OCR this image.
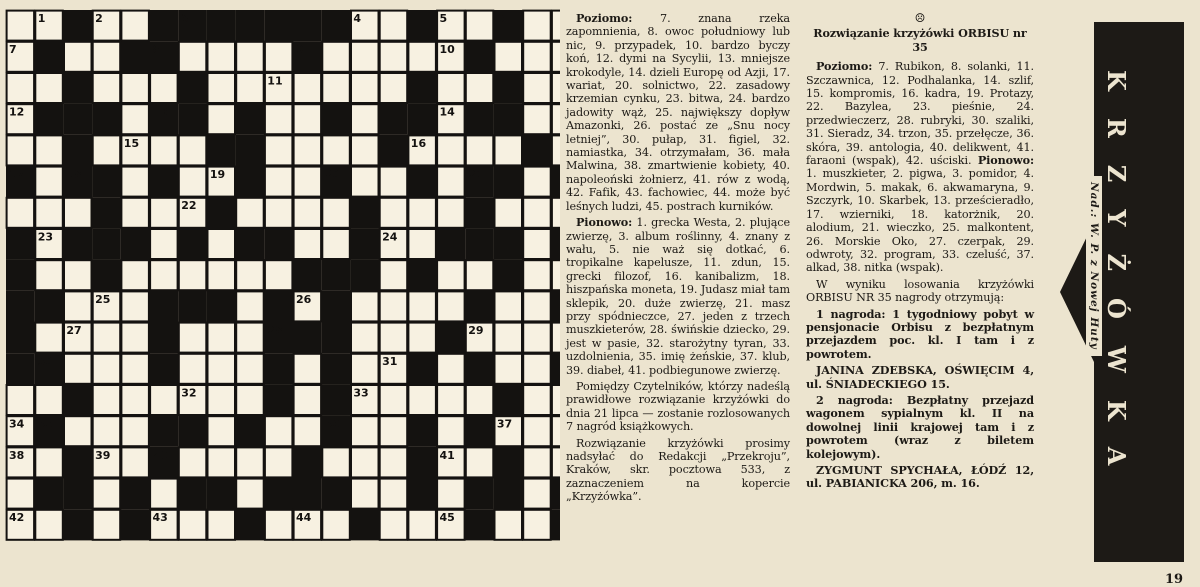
1	2	3	4	5	6
7	8	9	10
11
12	13	14
15	16
17	18	19	20	21
22
23	24
25	26
27	28	29
30	31
32	33
34 35	36	37
38	39	40	41
42	43	44	45

Poziomo: 7. znana rzeka zapomnienia, 8. owoc południowy lub nic, 9. przypadek, 10. bardzo byczy koń, 12. dymi na Sycylii, 13. mniejsze krokodyle, 14. dzieli Europę od Azji, 17. wariat, 20. solnictwo, 22. zasadowy krzemian cynku, 23. bitwa, 24. bardzo jadowity wąż, 25. największy dopływ Amazonki, 26. postać ze „Snu nocy letniej”, 30. pułap, 31. figiel, 32. namiastka, 34. otrzymałam, 36. mała Malwina, 38. zmartwienie kobiety, 40. napoleoński żołnierz, 41. rów z wodą, 42. Fafik, 43. fachowiec, 44. może być leśnych ludzi, 45. postrach kurników.

Pionowo: 1. grecka Westa, 2. plujące zwierzę, 3. album roślinny, 4. znany z wału, 5. nie waż się dotkać, 6. tropikalne kapelusze, 11. zdun, 15. grecki filozof, 16. kanibalizm, 18. hiszpańska moneta, 19. Judasz miał tam sklepik, 20. duże zwierzę, 21. masz przy spódnieczce, 27. jeden z trzech muszkieterów, 28. świńskie dziecko, 29. jest w pasie, 32. starożytny tyran, 33. uzdolnienia, 35. imię żeńskie, 37. klub, 39. diabeł, 41. podbiegunowe zwierzę.

Pomiędzy Czytelników, którzy nadeślą prawidłowe rozwiązanie krzyżówki do dnia 21 lipca — zostanie rozlosowanych 7 nagród książkowych.

Rozwiązanie krzyżówki prosimy nadsyłać do Redakcji „Przekroju”, Kraków, skr. pocztowa 533, z zaznaczeniem na kopercie „Krzyżówka”.

☹

Rozwiązanie krzyżówki ORBISU nr 35

Poziomo: 7. Rubikon, 8. solanki, 11. Szczawnica, 12. Podhalanka, 14. szlif, 15. kompromis, 16. kadra, 19. Protazy, 22. Bazylea, 23. pieśnie, 24. przedwieczerz, 28. rubryki, 30. szaliki, 31. Sieradz, 34. trzon, 35. przełęcze, 36. skóra, 39. antologia, 40. delikwent, 41. faraoni (wspak), 42. uściski. Pionowo: 1. muszkieter, 2. pigwa, 3. pomidor, 4. Mordwin, 5. makak, 6. akwamaryna, 9. Szczyrk, 10. Skarbek, 13. prześcieradło, 17. wzierniki, 18. katorżnik, 20. alodium, 21. wieczko, 25. malkontent, 26. Morskie Oko, 27. czerpak, 29. odwroty, 32. program, 33. czeluść, 37. alkad, 38. nitka (wspak).

W wyniku losowania krzyżówki ORBISU NR 35 nagrody otrzymują:

1 nagroda: 1 tygodniowy pobyt w pensjonacie Orbisu z bezpłatnym przejazdem poc. kl. I tam i z powrotem.

JANINA ZDEBSKA, OŚWIĘCIM 4, ul. ŚNIADECKIEGO 15.

2 nagroda: Bezpłatny przejazd wagonem sypialnym kl. II na dowolnej linii krajowej tam i z powrotem (wraz z biletem kolejowym).

ZYGMUNT SPYCHAŁA, ŁÓDŹ 12, ul. PABIANICKA 206, m. 16.	KRZYŻÓWKA
Nad.: W. P. z Nowej Huty
19
